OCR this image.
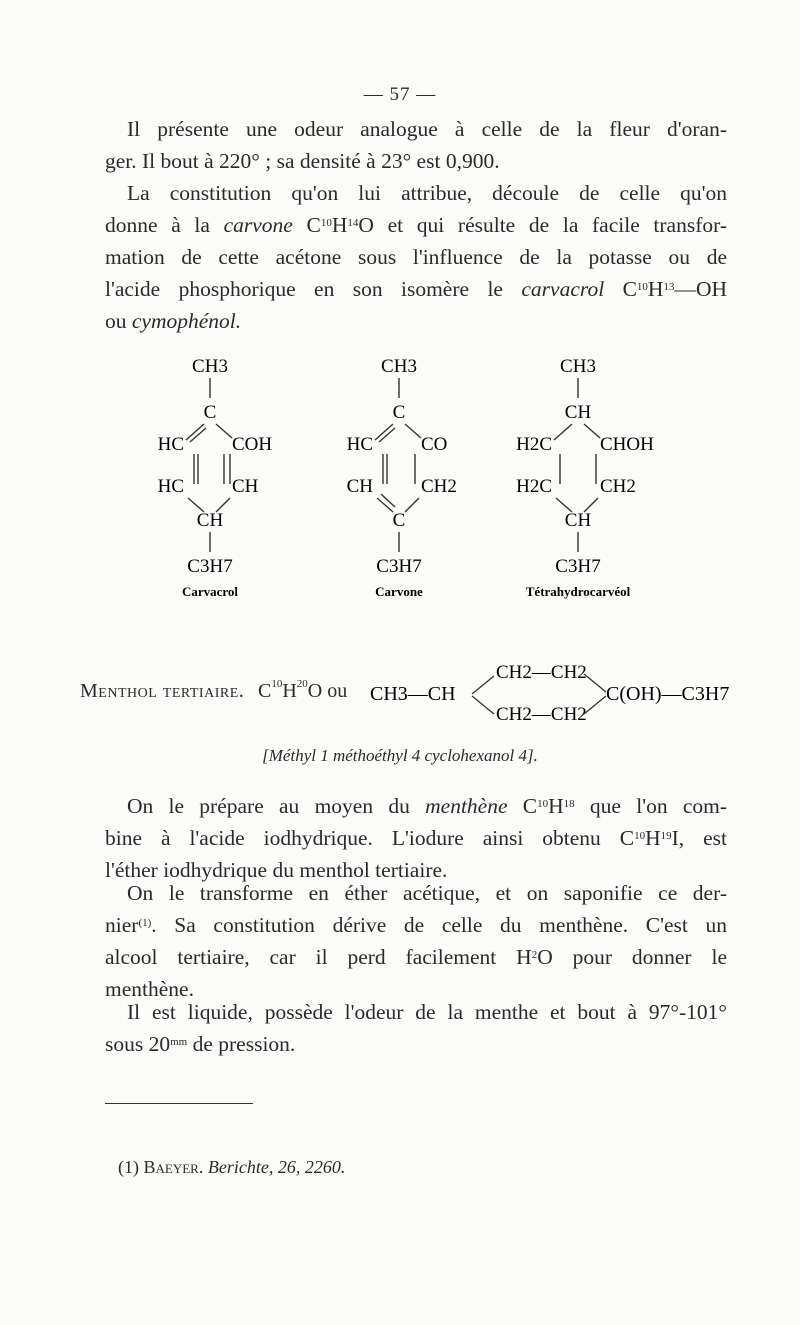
— 57 —
Il présente une odeur analogue à celle de la fleur d'oran-
ger. Il bout à 220° ; sa densité à 23° est 0,900.
La constitution qu'on lui attribue, découle de celle qu'on
donne à la carvone $C^{10}H^{14}O$ et qui résulte de la facile transfor-
mation de cette acétone sous l'influence de la potasse ou de
l'acide phosphorique en son isomère le carvacrol $C^{10}H^{13}—OH$
ou cymophénol.
CH3
C
HC	COH
HC	CH
CH
C3H7
Carvacrol
CH3
C
HC	CO
CH	CH2
C
C3H7
Carvone
CH3
CH
H2C	CHOH
H2C	CH2
CH
C3H7
Tétrahydrocarvéol
Menthol tertiaire. $C^{10}H^{20}O$ ou CH3—CH
CH2—CH2
CH2—CH2
C(OH)—C3H7
[Méthyl 1 méthoéthyl 4 cyclohexanol 4].
On le prépare au moyen du menthène $C^{10}H^{18}$ que l'on com-
bine à l'acide iodhydrique. L'iodure ainsi obtenu $C^{10}H^{19}I$, est
l'éther iodhydrique du menthol tertiaire.
On le transforme en éther acétique, et on saponifie ce der-
nier$^{(1)}$. Sa constitution dérive de celle du menthène. C'est un
alcool tertiaire, car il perd facilement $H^2O$ pour donner le
menthène.
Il est liquide, possède l'odeur de la menthe et bout à 97°-101°
sous $20^{mm}$ de pression.
(1) Baeyer. Berichte, 26, 2260.
